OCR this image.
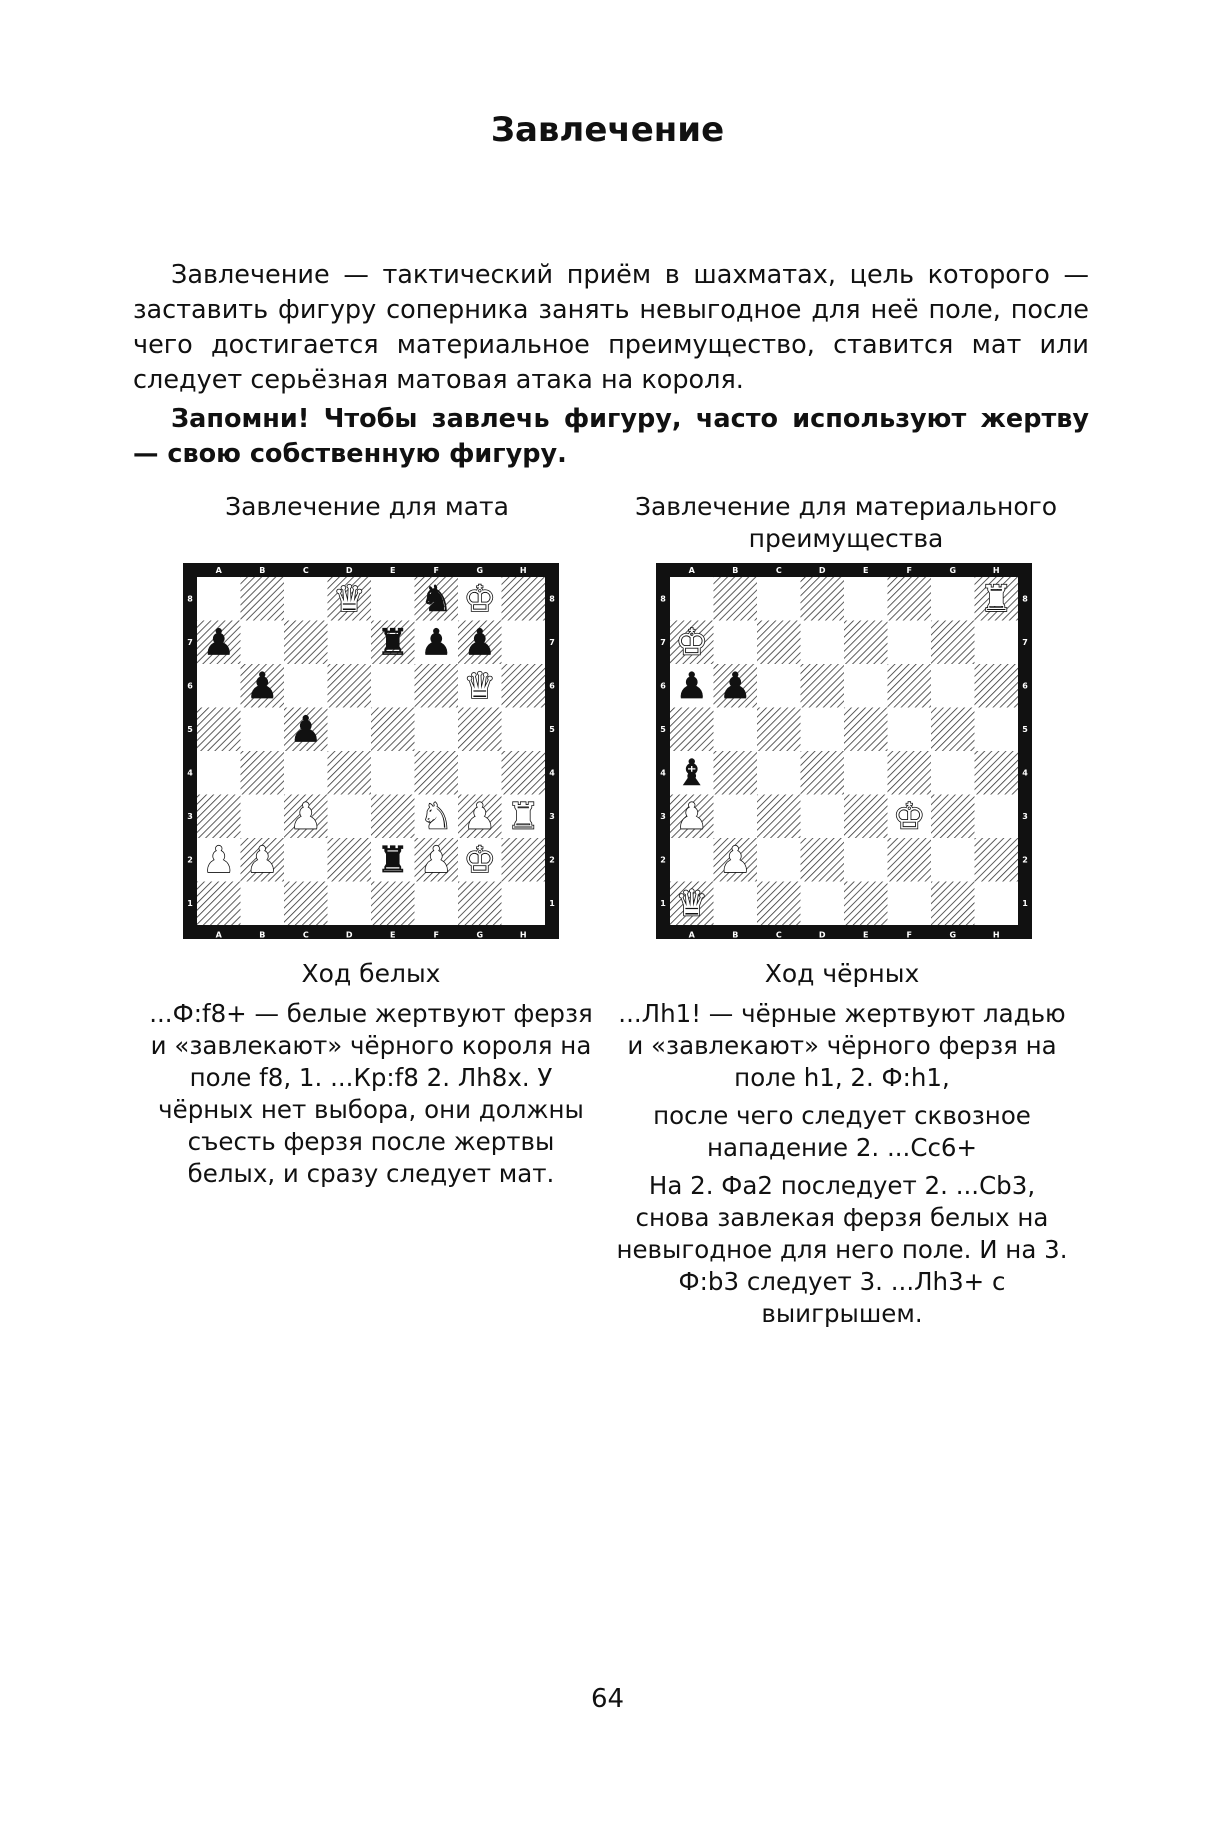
Завлечение

Завлечение — тактический приём в шахматах, цель которого — заставить фигуру соперника занять невыгодное для неё поле, после чего достигается материальное преимущество, ставится мат или следует серьёзная матовая атака на короля.

Запомни! Чтобы завлечь фигуру, часто используют жертву — свою собственную фигуру.

Завлечение для мата

A
A
B
B
C
C
D
D
E
E
F
F
G
G
H
H
8	8
7	7
6	6
5	5
4	4
3	3
2	2
1	1
♛ ♞ ♚
♟	♜ ♟ ♟
♟	♛
♟
♟	♞ ♟ ♜
♟ ♟	♜ ♟ ♚

Ход белых

...Ф:f8+ — белые жертвуют ферзя и «завлекают» чёрного короля на поле f8, 1. ...Кр:f8 2. Лh8х. У чёрных нет выбора, они должны съесть ферзя после жертвы белых, и сразу следует мат.

Завлечение для материального преимущества

A
A
B
B
C
C
D
D
E
E
F
F
G
G
H
H
8	8
7	7
6	6
5	5
4	4
3	3
2	2
1	1
♜
♚
♟ ♟
♝
♟	♚
♟
♛

Ход чёрных

...Лh1! — чёрные жертвуют ладью и «завлекают» чёрного ферзя на поле h1, 2. Ф:h1,

после чего следует сквозное нападение 2. ...Сс6+

На 2. Фа2 последует 2. ...Сb3, снова завлекая ферзя белых на невыгодное для него поле. И на 3. Ф:b3 следует 3. ...Лh3+ с выигрышем.

64
